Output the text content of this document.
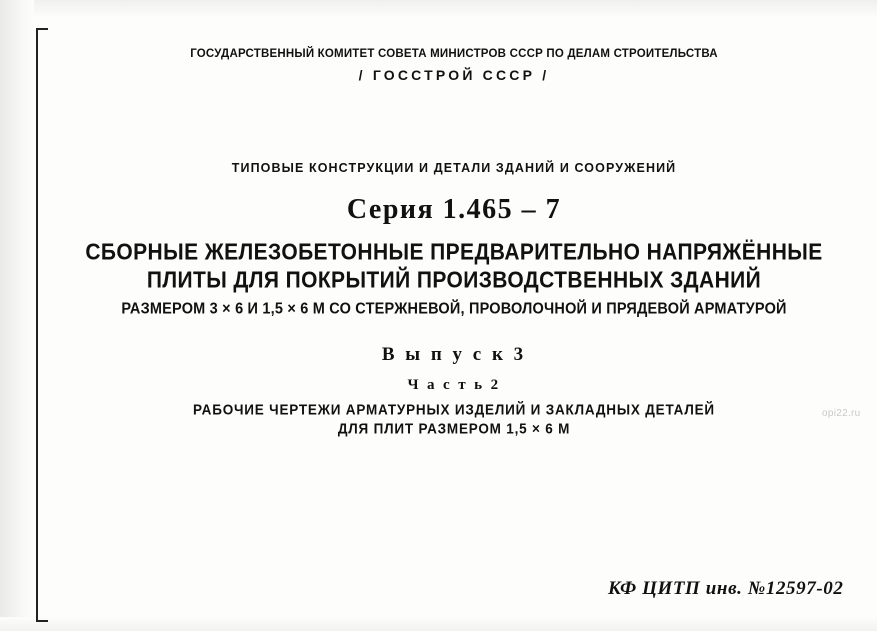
ГОСУДАРСТВЕННЫЙ КОМИТЕТ СОВЕТА МИНИСТРОВ СССР ПО ДЕЛАМ СТРОИТЕЛЬСТВА
/ ГОССТРОЙ СССР /
ТИПОВЫЕ КОНСТРУКЦИИ И ДЕТАЛИ ЗДАНИЙ И СООРУЖЕНИЙ
Серия 1.465 – 7
СБОРНЫЕ ЖЕЛЕЗОБЕТОННЫЕ ПРЕДВАРИТЕЛЬНО НАПРЯЖЁННЫЕ
ПЛИТЫ ДЛЯ ПОКРЫТИЙ ПРОИЗВОДСТВЕННЫХ ЗДАНИЙ
РАЗМЕРОМ 3 × 6 И 1,5 × 6 М СО СТЕРЖНЕВОЙ, ПРОВОЛОЧНОЙ И ПРЯДЕВОЙ АРМАТУРОЙ
В ы п у с к 3
Ч а с т ь 2
РАБОЧИЕ ЧЕРТЕЖИ АРМАТУРНЫХ ИЗДЕЛИЙ И ЗАКЛАДНЫХ ДЕТАЛЕЙ
ДЛЯ ПЛИТ РАЗМЕРОМ 1,5 × 6 М
КФ ЦИТП инв. №12597-02
opi22.ru
